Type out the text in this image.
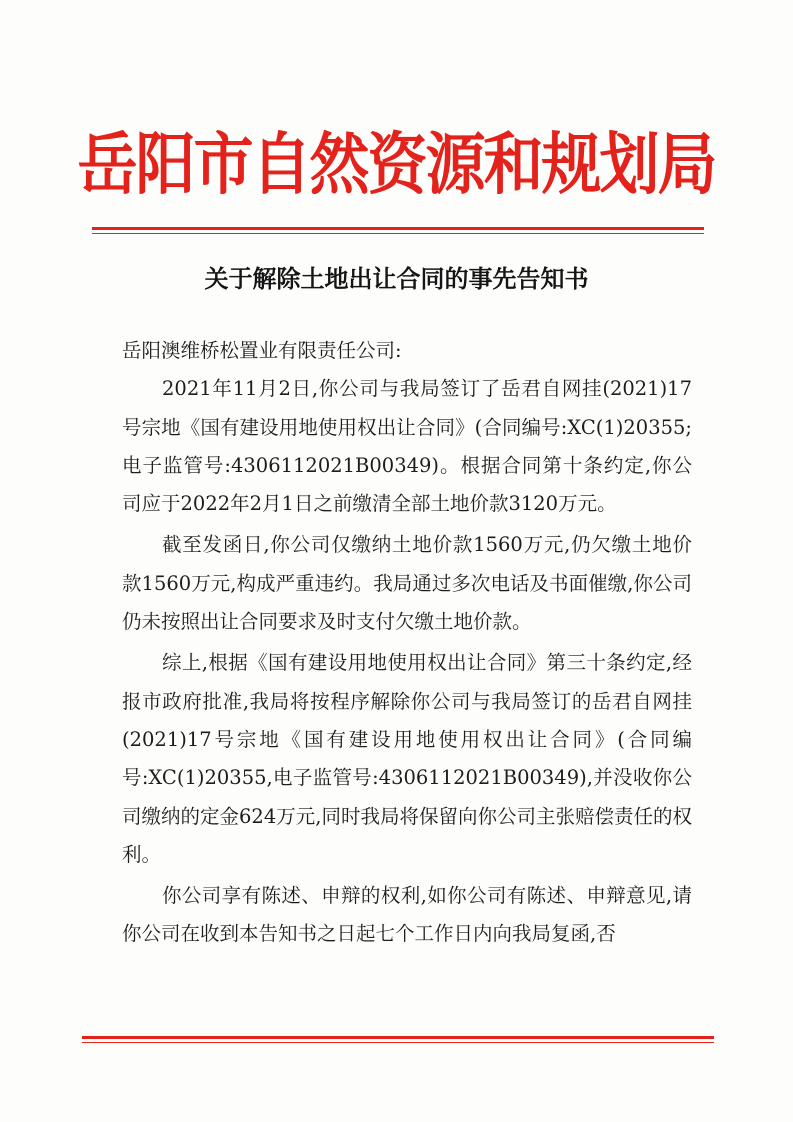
岳阳市自然资源和规划局
关于解除土地出让合同的事先告知书

岳阳澳维桥松置业有限责任公司:

2021年11月2日,你公司与我局签订了岳君自网挂(2021)17号宗地《国有建设用地使用权出让合同》(合同编号:XC(1)20355;电子监管号:4306112021B00349)。根据合同第十条约定,你公司应于2022年2月1日之前缴清全部土地价款3120万元。

截至发函日,你公司仅缴纳土地价款1560万元,仍欠缴土地价款1560万元,构成严重违约。我局通过多次电话及书面催缴,你公司仍未按照出让合同要求及时支付欠缴土地价款。

综上,根据《国有建设用地使用权出让合同》第三十条约定,经报市政府批准,我局将按程序解除你公司与我局签订的岳君自网挂(2021)17号宗地《国有建设用地使用权出让合同》(合同编号:XC(1)20355,电子监管号:4306112021B00349),并没收你公司缴纳的定金624万元,同时我局将保留向你公司主张赔偿责任的权利。

你公司享有陈述、申辩的权利,如你公司有陈述、申辩意见,请你公司在收到本告知书之日起七个工作日内向我局复函,否
